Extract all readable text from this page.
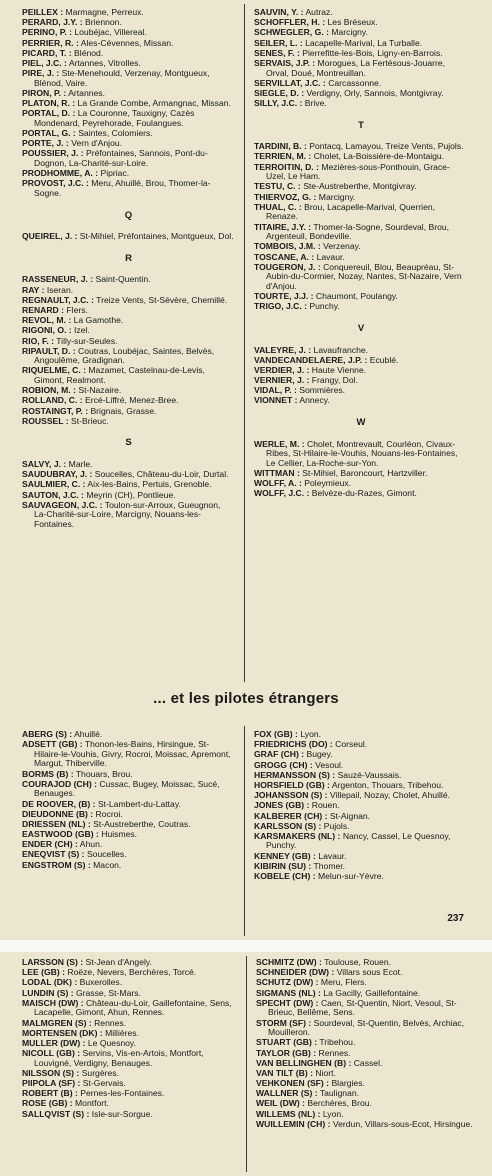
PEILLEX : Marmagne, Perreux.
PERARD, J.Y. : Briennon.
PERINO, P. : Loubéjac, Villereal.
PERRIER, R. : Ales-Cévennes, Missan.
PICARD, T. : Blénod.
PIEL, J.C. : Artannes, Vitrolles.
PIRE, J. : Ste-Menehould, Verzenay, Montgueux, Blénod, Vaire.
PIRON, P. : Artannes.
PLATON, R. : La Grande Combe, Armangnac, Missan.
PORTAL, D. : La Couronne, Tauxigny, Cazès Mondenard, Peyrehorade, Foulangues.
PORTAL, G. : Saintes, Colomiers.
PORTE, J. : Vern d'Anjou.
POUSSIER, J. : Préfontaines, Sannois, Pont-du-Dognon, La-Charité-sur-Loire.
PRODHOMME, A. : Pipriac.
PROVOST, J.C. : Meru, Ahuillé, Brou, Thomer-la-Sogne.
Q
QUEIREL, J. : St-Mihiel, Préfontaines, Montgueux, Dol.
R
RASSENEUR, J. : Saint-Quentin.
RAY : Iseran.
REGNAULT, J.C. : Treize Vents, St-Sévère, Chemillé.
RENARD : Flers.
REVOL, M. : La Gamothe.
RIGONI, O. : Izel.
RIO, F. : Tilly-sur-Seules.
RIPAULT, D. : Coutras, Loubéjac, Saintes, Belvès, Angoulême, Gradignan.
RIQUELME, C. : Mazamet, Castelnau-de-Levis, Gimont, Realmont.
ROBION, M. : St-Nazaire.
ROLLAND, C. : Ercé-Liffré, Menez-Bree.
ROSTAINGT, P. : Brignais, Grasse.
ROUSSEL : St-Brieuc.
S
SALVY, J. : Marle.
SAUDUBRAY, J. : Soucelles, Château-du-Loir, Durtal.
SAULMIER, C. : Aix-les-Bains, Pertuis, Grenoble.
SAUTON, J.C. : Meyrin (CH), Pontlieue.
SAUVAGEON, J.C. : Toulon-sur-Arroux, Gueugnon, La-Charité-sur-Loire, Marcigny, Nouans-les-Fontaines.
SAUVIN, Y. : Autraz.
SCHOFFLER, H. : Les Bréseux.
SCHWEGLER, G. : Marcigny.
SEILER, L. : Lacapelle-Marival, La Turballe.
SENES, F. : Pierrefitte-les-Bois, Ligny-en-Barrois.
SERVAIS, J.P. : Morogues, La Fertésous-Jouarre, Orval, Doué, Montreuillan.
SERVILLAT, J.C. : Carcassonne.
SIEGLE, D. : Verdigny, Orly, Sannois, Montgivray.
SILLY, J.C. : Brive.
T
TARDINI, B. : Pontacq, Lamayou, Treize Vents, Pujols.
TERRIEN, M. : Cholet, La-Boissière-de-Montaigu.
TERROITIN, D. : Mezières-sous-Ponthouin, Grace-Uzel, Le Ham.
TESTU, C. : Ste-Austreberthe, Montgivray.
THIERVOZ, G. : Marcigny.
THUAL, C. : Brou, Lacapelle-Marival, Querrien, Renaze.
TITAIRE, J.Y. : Thomer-la-Sogne, Sourdeval, Brou, Argenteuil, Bondeville.
TOMBOIS, J.M. : Verzenay.
TOSCANE, A. : Lavaur.
TOUGERON, J. : Conquereuil, Blou, Beaupréau, St-Aubin-du-Cormier, Nozay, Nantes, St-Nazaire, Vern d'Anjou.
TOURTE, J.J. : Chaumont, Poulangy.
TRIGO, J.C. : Punchy.
V
VALEYRE, J. : Lavaufranche.
VANDECANDELAERE, J.P. : Ecublé.
VERDIER, J. : Haute Vienne.
VERNIER, J. : Frangy, Dol.
VIDAL, P. : Sommières.
VIONNET : Annecy.
W
WERLE, M. : Cholet, Montrevault, Courléon, Civaux-Ribes, St-Hilaire-le-Vouhis, Nouans-les-Fontaines, Le Cellier, La-Roche-sur-Yon.
WITTMAN : St-Mihiel, Baroncourt, Hartzviller.
WOLFF, A. : Poleymieux.
WOLFF, J.C. : Belvèze-du-Razes, Gimont.
... et les pilotes étrangers
ABERG (S) : Ahuillé.
ADSETT (GB) : Thonon-les-Bains, Hirsingue, St-Hilaire-le-Vouhis, Givry, Rocroi, Moissac, Apremont, Margut, Thiberville.
BORMS (B) : Thouars, Brou.
COURAJOD (CH) : Cussac, Bugey, Moissac, Sucé, Benauges.
DE ROOVER, (B) : St-Lambert-du-Lattay.
DIEUDONNE (B) : Rocroi.
DRIESSEN (NL) : St-Austreberthe, Coutras.
EASTWOOD (GB) : Huismes.
ENDER (CH) : Ahun.
ENEQVIST (S) : Soucelles.
ENGSTROM (S) : Macon.
FOX (GB) : Lyon.
FRIEDRICHS (DO) : Corseul.
GRAF (CH) : Bugey.
GROGG (CH) : Vesoul.
HERMANSSON (S) : Sauzé-Vaussais.
HORSFIELD (GB) : Argenton, Thouars, Tribehou.
JOHANSSON (S) : Villepail, Nozay, Cholet, Ahuillé.
JONES (GB) : Rouen.
KALBERER (CH) : St-Aignan.
KARLSSON (S) : Pujols.
KARSMAKERS (NL) : Nancy, Cassel, Le Quesnoy, Punchy.
KENNEY (GB) : Lavaur.
KIBIRIN (SU) : Thomer.
KOBELE (CH) : Melun-sur-Yèvre.
237
LARSSON (S) : St-Jean d'Angely.
LEE (GB) : Roëze, Nevers, Berchères, Torcé.
LODAL (DK) : Buxerolles.
LUNDIN (S) : Grasse, St-Mars.
MAISCH (DW) : Château-du-Loir, Gaillefontaine, Sens, Lacapelle, Gimont, Ahun, Rennes.
MALMGREN (S) : Rennes.
MORTENSEN (DK) : Millières.
MULLER (DW) : Le Quesnoy.
NICOLL (GB) : Servins, Vis-en-Artois, Montfort, Louvigné, Verdigny, Benauges.
NILSSON (S) : Surgères.
PIIPOLA (SF) : St-Gervais.
ROBERT (B) : Pernes-les-Fontaines.
ROSE (GB) : Montfort.
SALLQVIST (S) : Isle-sur-Sorgue.
SCHMITZ (DW) : Toulouse, Rouen.
SCHNEIDER (DW) : Villars sous Ecot.
SCHUTZ (DW) : Meru, Flers.
SIGMANS (NL) : La Gacilly, Gaillefontaine.
SPECHT (DW) : Caen, St-Quentin, Niort, Vesoul, St-Brieuc, Bellême, Sens.
STORM (SF) : Sourdeval, St-Quentin, Belvès, Archiac, Mouilleron.
STUART (GB) : Tribehou.
TAYLOR (GB) : Rennes.
VAN BELLINGHEN (B) : Cassel.
VAN TILT (B) : Niort.
VEHKONEN (SF) : Blargies.
WALLNER (S) : Taulignan.
WEIL (DW) : Berchères, Brou.
WILLEMS (NL) : Lyon.
WUILLEMIN (CH) : Verdun, Villars-sous-Ecot, Hirsingue.
